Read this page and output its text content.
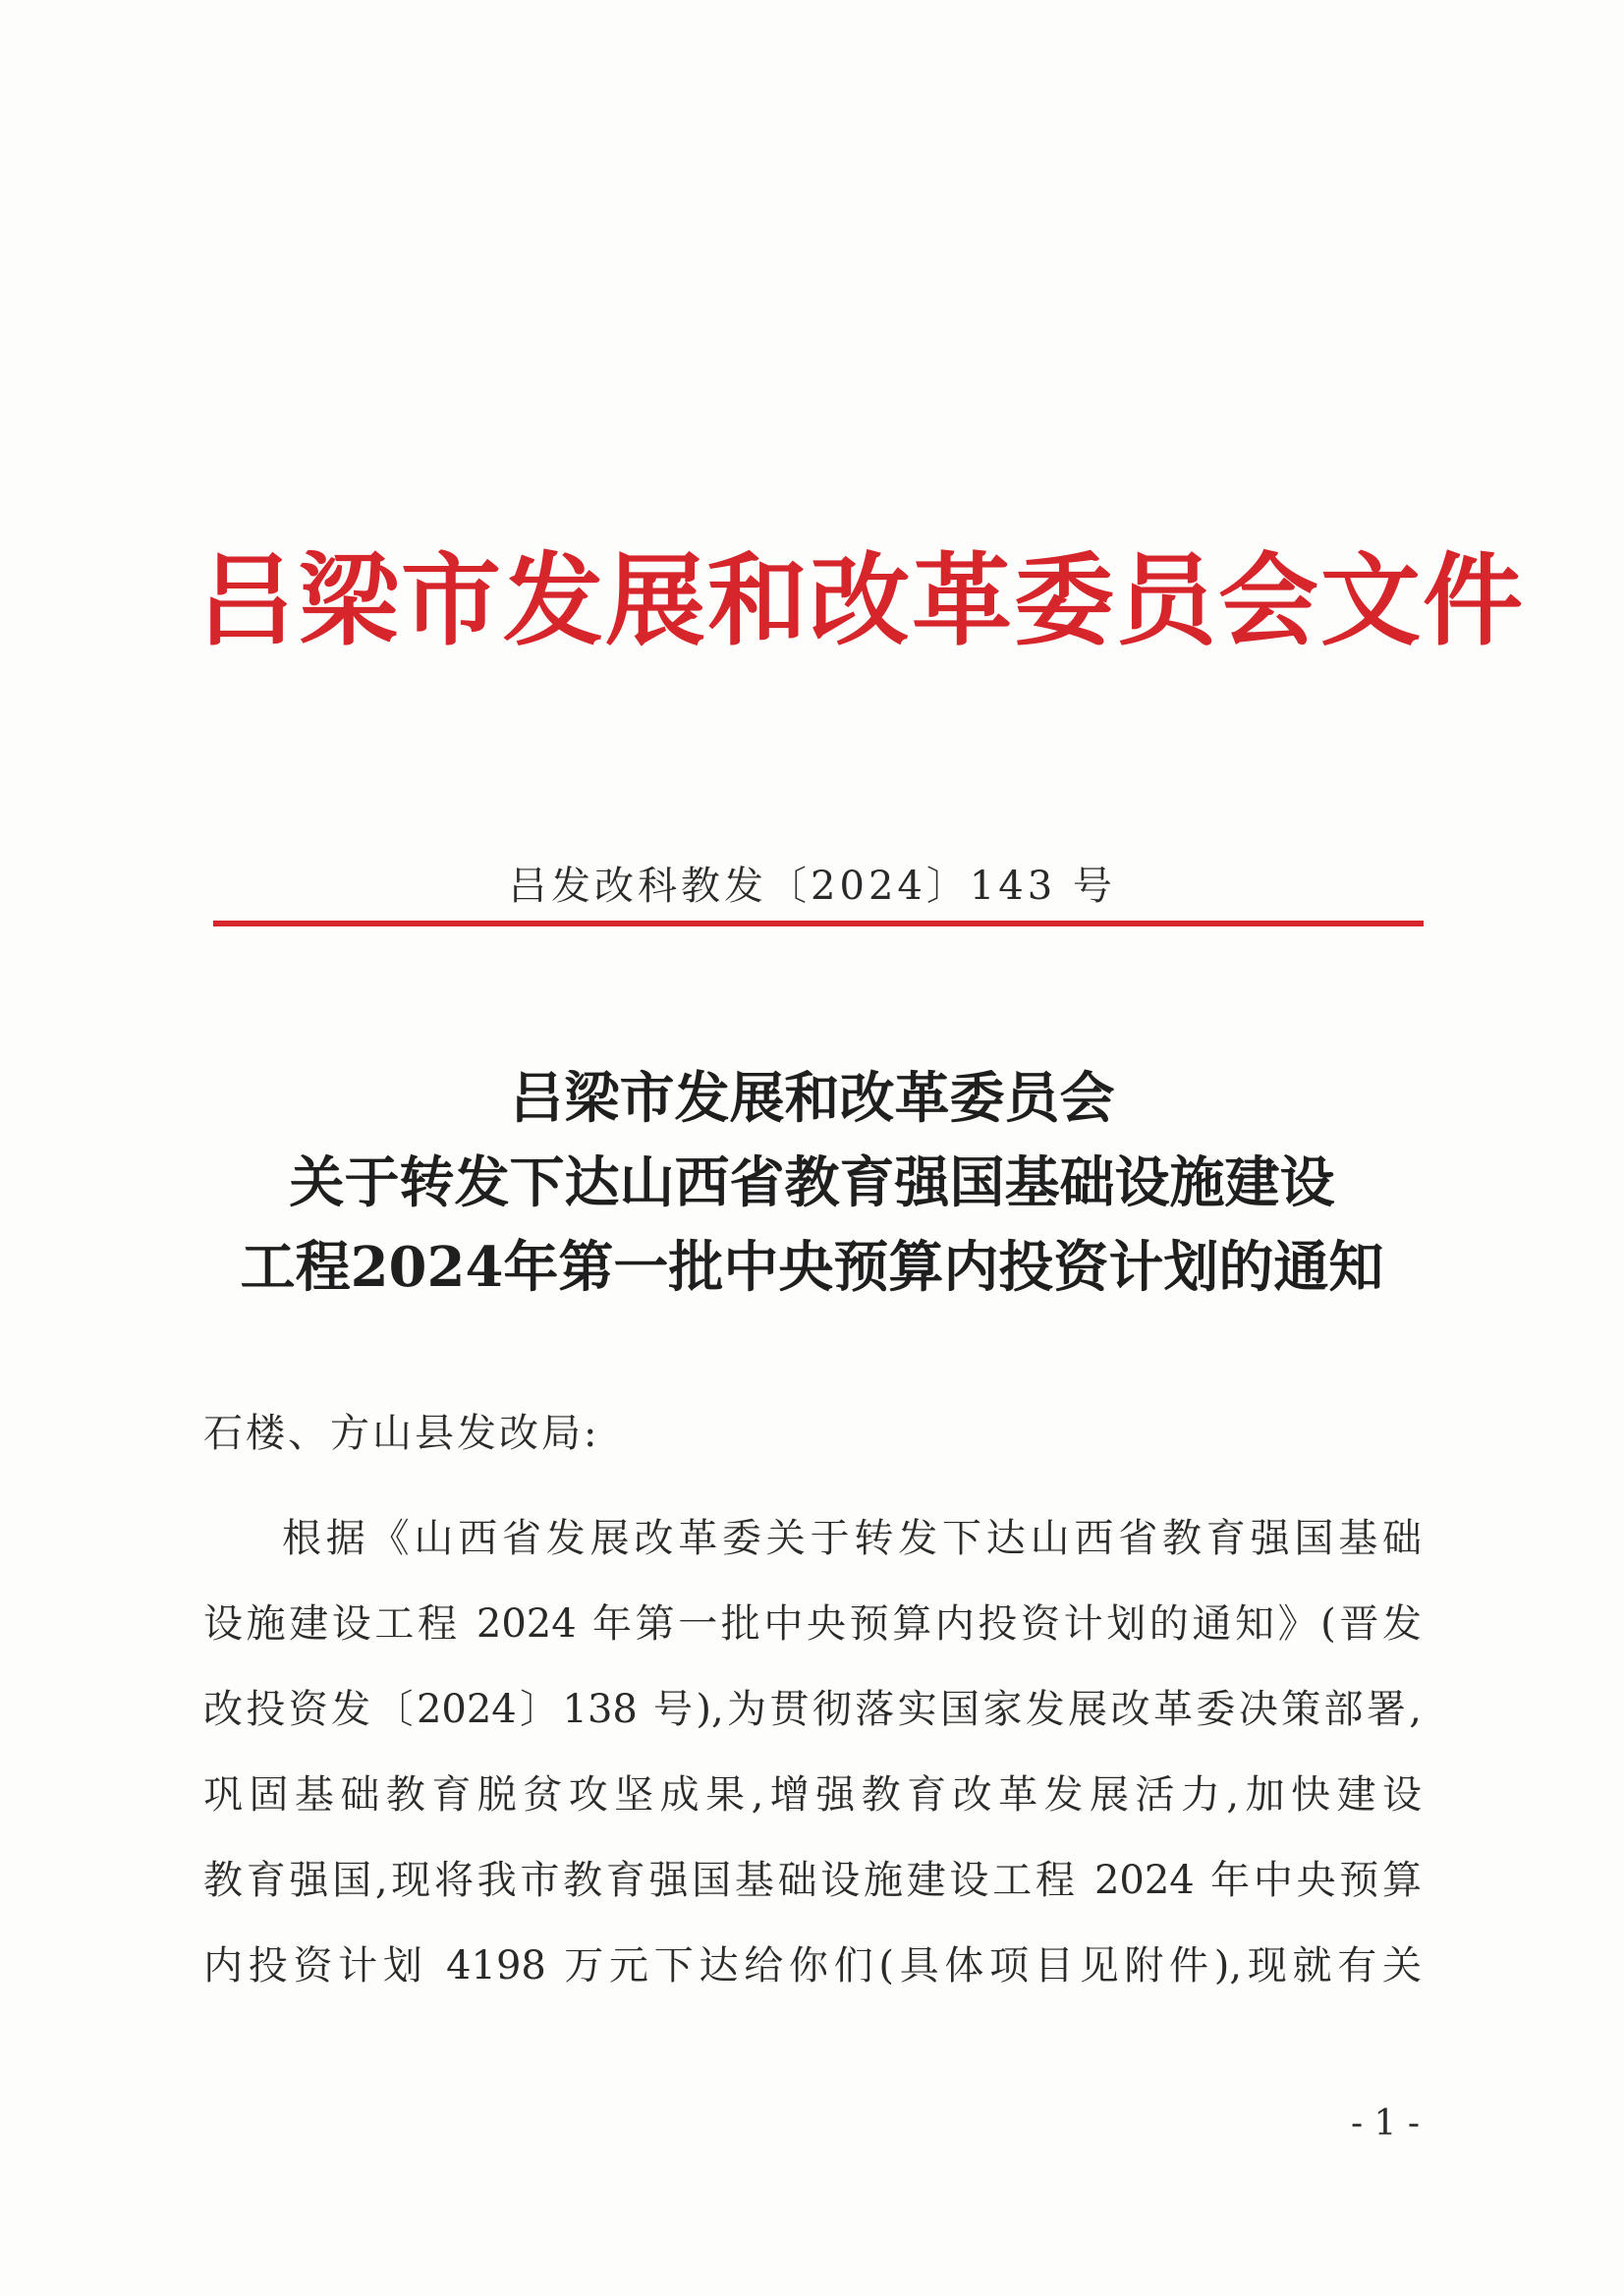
吕梁市发展和改革委员会文件
吕发改科教发〔2024〕143 号
吕梁市发展和改革委员会
关于转发下达山西省教育强国基础设施建设
工程2024年第一批中央预算内投资计划的通知
石楼、方山县发改局:
根据《山西省发展改革委关于转发下达山西省教育强国基础
设施建设工程 2024 年第一批中央预算内投资计划的通知》(晋发
改投资发〔2024〕138 号),为贯彻落实国家发展改革委决策部署,
巩固基础教育脱贫攻坚成果,增强教育改革发展活力,加快建设
教育强国,现将我市教育强国基础设施建设工程 2024 年中央预算
内投资计划 4198 万元下达给你们(具体项目见附件),现就有关
- 1 -
